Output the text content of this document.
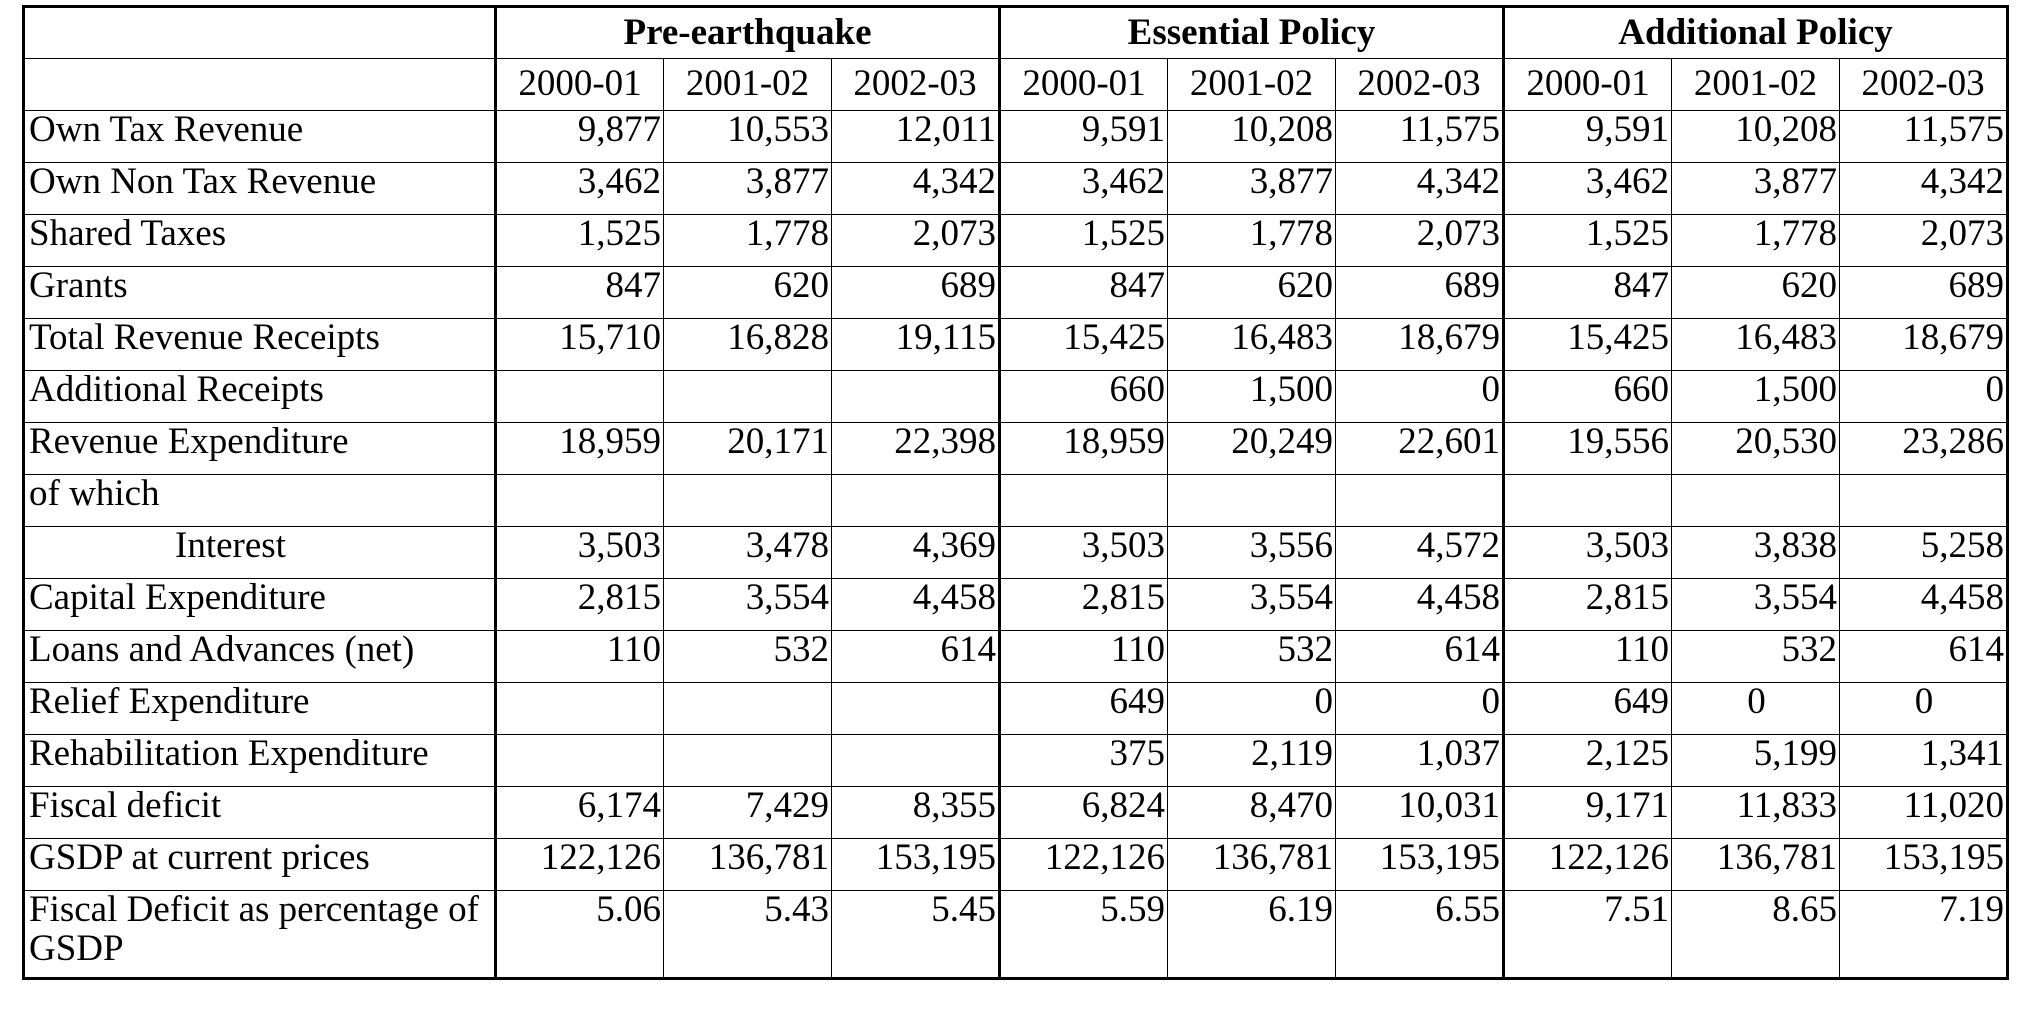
	Pre-earthquake			Essential Policy			Additional Policy		
	2000-01	2001-02	2002-03	2000-01	2001-02	2002-03	2000-01	2001-02	2002-03
Own Tax Revenue	9,877	10,553	12,011	9,591	10,208	11,575	9,591	10,208	11,575
Own Non Tax Revenue	3,462	3,877	4,342	3,462	3,877	4,342	3,462	3,877	4,342
Shared Taxes	1,525	1,778	2,073	1,525	1,778	2,073	1,525	1,778	2,073
Grants	847	620	689	847	620	689	847	620	689
Total Revenue Receipts	15,710	16,828	19,115	15,425	16,483	18,679	15,425	16,483	18,679
Additional Receipts				660	1,500	0	660	1,500	0
Revenue Expenditure	18,959	20,171	22,398	18,959	20,249	22,601	19,556	20,530	23,286
of which									
Interest	3,503	3,478	4,369	3,503	3,556	4,572	3,503	3,838	5,258
Capital Expenditure	2,815	3,554	4,458	2,815	3,554	4,458	2,815	3,554	4,458
Loans and Advances (net)	110	532	614	110	532	614	110	532	614
Relief Expenditure				649	0	0	649	0	0
Rehabilitation Expenditure				375	2,119	1,037	2,125	5,199	1,341
Fiscal deficit	6,174	7,429	8,355	6,824	8,470	10,031	9,171	11,833	11,020
GSDP at current prices	122,126	136,781	153,195	122,126	136,781	153,195	122,126	136,781	153,195
Fiscal Deficit as percentage of GSDP	5.06	5.43	5.45	5.59	6.19	6.55	7.51	8.65	7.19
